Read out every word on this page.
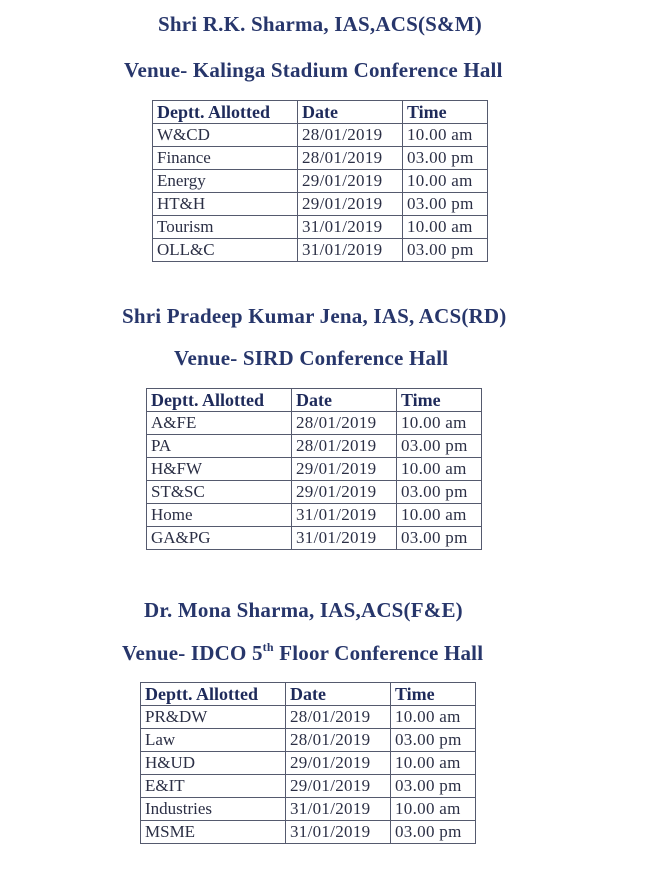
Shri R.K. Sharma, IAS,ACS(S&M)
Venue- Kalinga Stadium Conference Hall
Deptt. Allotted	Date	Time
W&CD	28/01/2019	10.00 am
Finance	28/01/2019	03.00 pm
Energy	29/01/2019	10.00 am
HT&H	29/01/2019	03.00 pm
Tourism	31/01/2019	10.00 am
OLL&C	31/01/2019	03.00 pm
Shri Pradeep Kumar Jena, IAS, ACS(RD)
Venue- SIRD Conference Hall
Deptt. Allotted	Date	Time
A&FE	28/01/2019	10.00 am
PA	28/01/2019	03.00 pm
H&FW	29/01/2019	10.00 am
ST&SC	29/01/2019	03.00 pm
Home	31/01/2019	10.00 am
GA&PG	31/01/2019	03.00 pm
Dr. Mona Sharma, IAS,ACS(F&E)
Venue- IDCO 5th Floor Conference Hall
Deptt. Allotted	Date	Time
PR&DW	28/01/2019	10.00 am
Law	28/01/2019	03.00 pm
H&UD	29/01/2019	10.00 am
E&IT	29/01/2019	03.00 pm
Industries	31/01/2019	10.00 am
MSME	31/01/2019	03.00 pm
